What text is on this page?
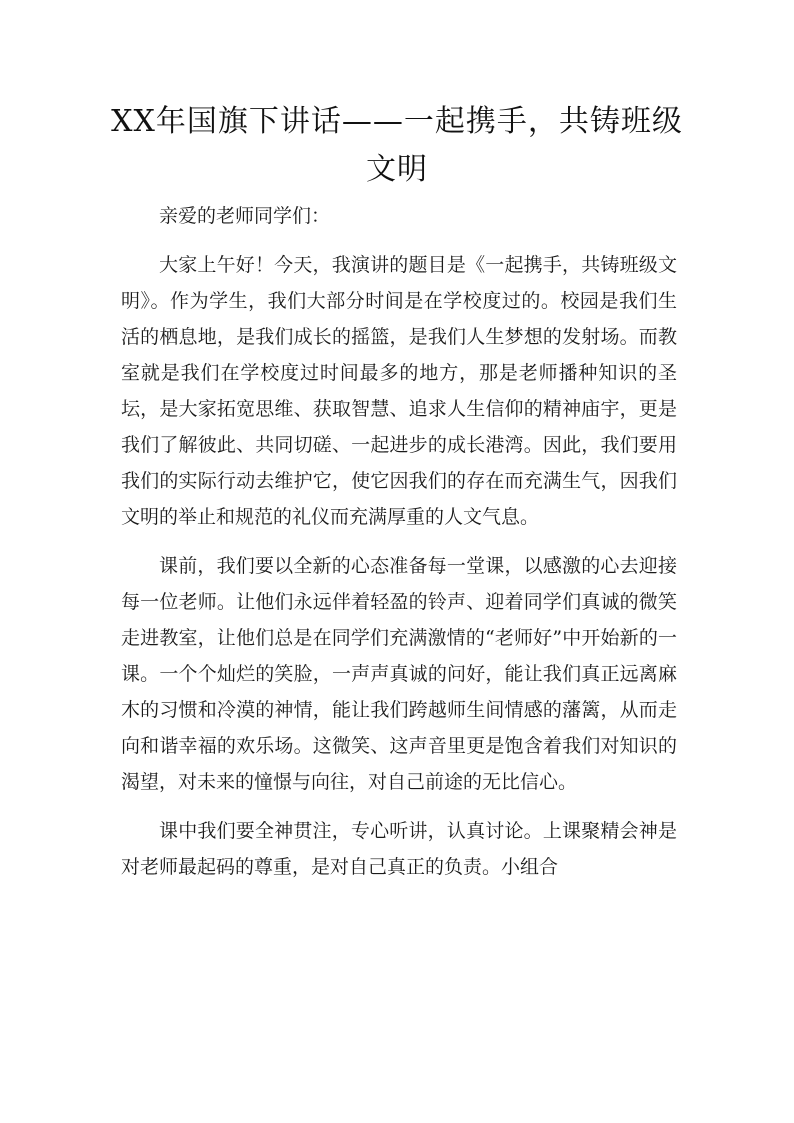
XX年国旗下讲话——一起携手，共铸班级文明

亲爱的老师同学们：

大家上午好！今天，我演讲的题目是《一起携手，共铸班级文明》。作为学生，我们大部分时间是在学校度过的。校园是我们生活的栖息地，是我们成长的摇篮，是我们人生梦想的发射场。而教室就是我们在学校度过时间最多的地方，那是老师播种知识的圣坛，是大家拓宽思维、获取智慧、追求人生信仰的精神庙宇，更是我们了解彼此、共同切磋、一起进步的成长港湾。因此，我们要用我们的实际行动去维护它，使它因我们的存在而充满生气，因我们文明的举止和规范的礼仪而充满厚重的人文气息。

课前，我们要以全新的心态准备每一堂课，以感激的心去迎接每一位老师。让他们永远伴着轻盈的铃声、迎着同学们真诚的微笑走进教室，让他们总是在同学们充满激情的“老师好”中开始新的一课。一个个灿烂的笑脸，一声声真诚的问好，能让我们真正远离麻木的习惯和冷漠的神情，能让我们跨越师生间情感的藩篱，从而走向和谐幸福的欢乐场。这微笑、这声音里更是饱含着我们对知识的渴望，对未来的憧憬与向往，对自己前途的无比信心。

课中我们要全神贯注，专心听讲，认真讨论。上课聚精会神是对老师最起码的尊重，是对自己真正的负责。小组合
